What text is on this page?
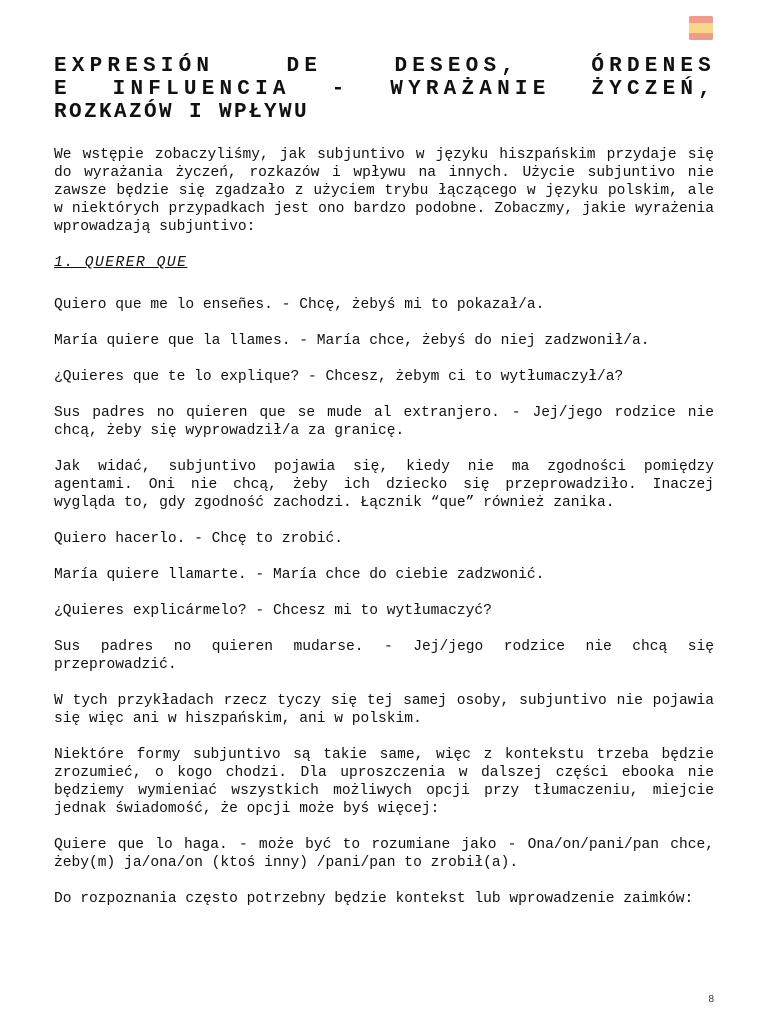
EXPRESIÓN DE DESEOS, ÓRDENES
E INFLUENCIA - WYRAŻANIE ŻYCZEŃ,
ROZKAZÓW I WPŁYWU

We wstępie zobaczyliśmy, jak subjuntivo w języku hiszpańskim przydaje się do wyrażania życzeń, rozkazów i wpływu na innych. Użycie subjuntivo nie zawsze będzie się zgadzało z użyciem trybu łączącego w języku polskim, ale w niektórych przypadkach jest ono bardzo podobne. Zobaczmy, jakie wyrażenia wprowadzają subjuntivo:

1. QUERER QUE

Quiero que me lo enseñes. - Chcę, żebyś mi to pokazał/a.

María quiere que la llames. - María chce, żebyś do niej zadzwonił/a.

¿Quieres que te lo explique? - Chcesz, żebym ci to wytłumaczył/a?

Sus padres no quieren que se mude al extranjero. - Jej/jego rodzice nie chcą, żeby się wyprowadził/a za granicę.

Jak widać, subjuntivo pojawia się, kiedy nie ma zgodności pomiędzy agentami. Oni nie chcą, żeby ich dziecko się przeprowadziło. Inaczej wygląda to, gdy zgodność zachodzi. Łącznik “que” również zanika.

Quiero hacerlo. - Chcę to zrobić.

María quiere llamarte. - María chce do ciebie zadzwonić.

¿Quieres explicármelo? - Chcesz mi to wytłumaczyć?

Sus padres no quieren mudarse. - Jej/jego rodzice nie chcą się przeprowadzić.

W tych przykładach rzecz tyczy się tej samej osoby, subjuntivo nie pojawia się więc ani w hiszpańskim, ani w polskim.

Niektóre formy subjuntivo są takie same, więc z kontekstu trzeba będzie zrozumieć, o kogo chodzi. Dla uproszczenia w dalszej części ebooka nie będziemy wymieniać wszystkich możliwych opcji przy tłumaczeniu, miejcie jednak świadomość, że opcji może byś więcej:

Quiere que lo haga. - może być to rozumiane jako - Ona/on/pani/pan chce, żeby(m) ja/ona/on (ktoś inny) /pani/pan to zrobił(a).

Do rozpoznania często potrzebny będzie kontekst lub wprowadzenie zaimków:

8
